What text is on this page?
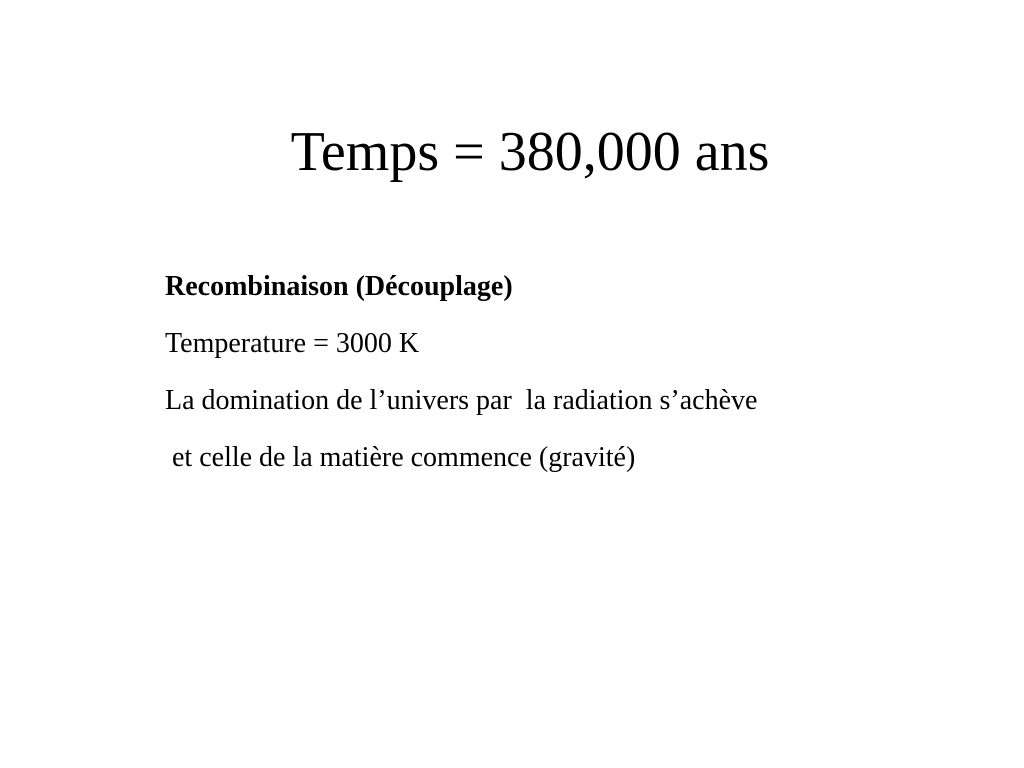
Temps = 380,000 ans
Recombinaison (Découplage)
Temperature = 3000 K
La domination de l’univers par  la radiation s’achève
et celle de la matière commence (gravité)
